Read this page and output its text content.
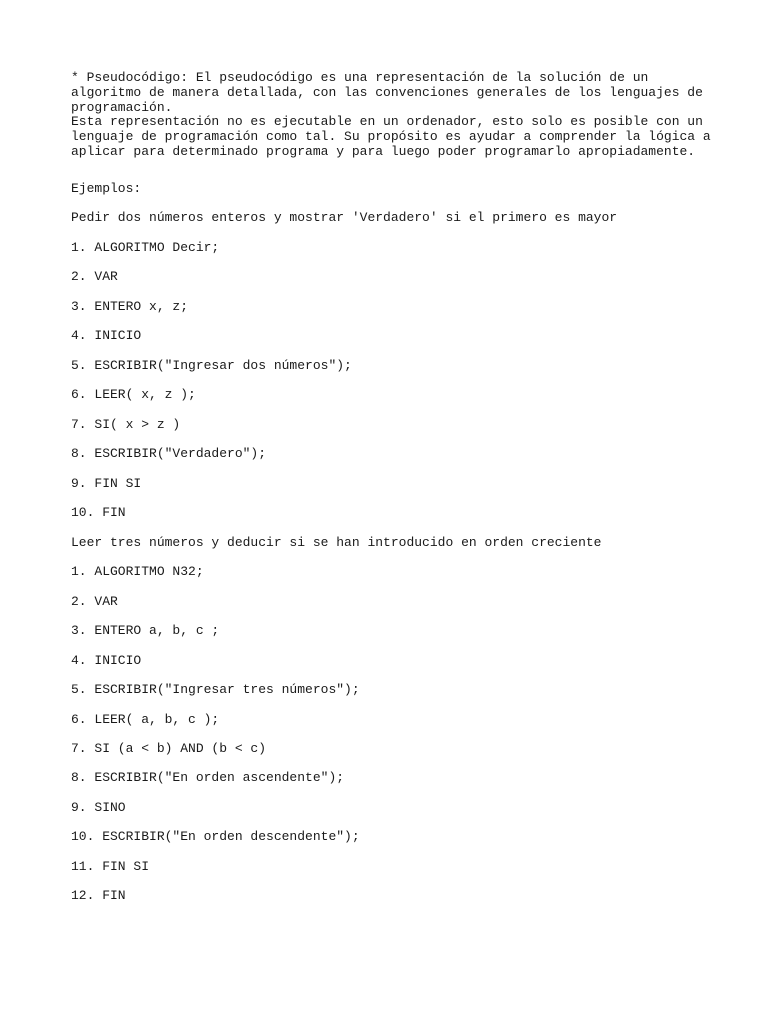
* Pseudocódigo: El pseudocódigo es una representación de la solución de un

algoritmo de manera detallada, con las convenciones generales de los lenguajes de

programación.

Esta representación no es ejecutable en un ordenador, esto solo es posible con un

lenguaje de programación como tal. Su propósito es ayudar a comprender la lógica a

aplicar para determinado programa y para luego poder programarlo apropiadamente.

Ejemplos:

Pedir dos números enteros y mostrar 'Verdadero' si el primero es mayor

1. ALGORITMO Decir;

2. VAR

3. ENTERO x, z;

4. INICIO

5. ESCRIBIR("Ingresar dos números");

6. LEER( x, z );

7. SI( x > z )

8. ESCRIBIR("Verdadero");

9. FIN SI

10. FIN

Leer tres números y deducir si se han introducido en orden creciente

1. ALGORITMO N32;

2. VAR

3. ENTERO a, b, c ;

4. INICIO

5. ESCRIBIR("Ingresar tres números");

6. LEER( a, b, c );

7. SI (a < b) AND (b < c)

8. ESCRIBIR("En orden ascendente");

9. SINO

10. ESCRIBIR("En orden descendente");

11. FIN SI

12. FIN
